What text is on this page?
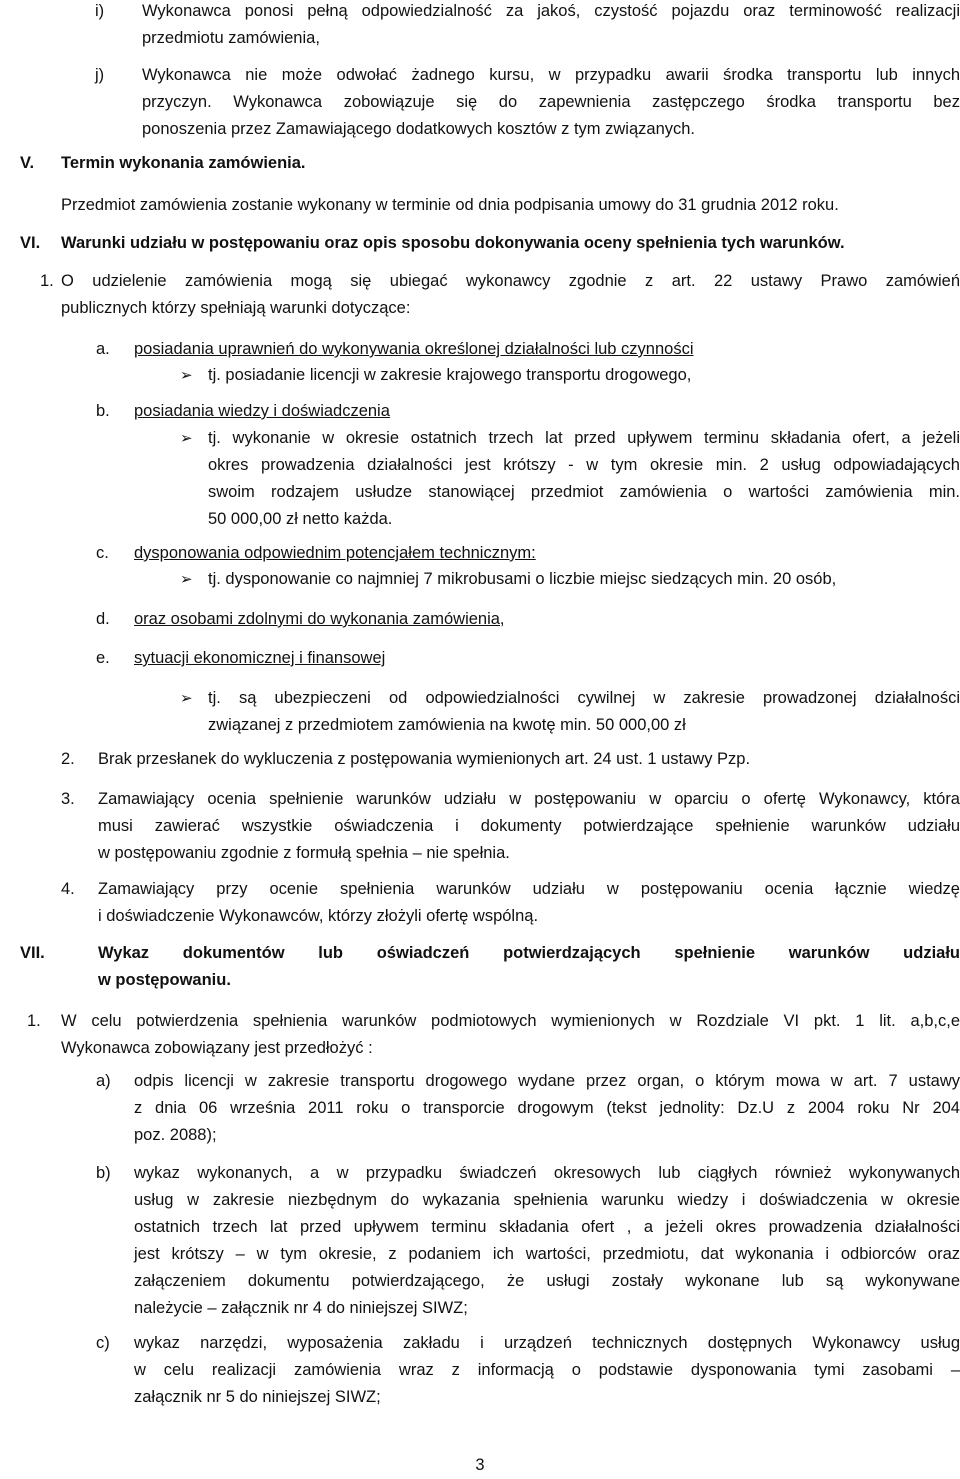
i) Wykonawca ponosi pełną odpowiedzialność za jakoś, czystość pojazdu oraz terminowość realizacji
przedmiotu zamówienia,
j) Wykonawca nie może odwołać żadnego kursu, w przypadku awarii środka transportu lub innych
przyczyn. Wykonawca zobowiązuje się do zapewnienia zastępczego środka transportu bez
ponoszenia przez Zamawiającego dodatkowych kosztów z tym związanych.
V. Termin wykonania zamówienia.
Przedmiot zamówienia zostanie wykonany w terminie od dnia podpisania umowy do 31 grudnia 2012 roku.
VI. Warunki udziału w postępowaniu oraz opis sposobu dokonywania oceny spełnienia tych warunków.
1. O udzielenie zamówienia mogą się ubiegać wykonawcy zgodnie z art. 22 ustawy Prawo zamówień
publicznych którzy spełniają warunki dotyczące:
a. posiadania uprawnień do wykonywania określonej działalności lub czynności
➢ tj. posiadanie licencji w zakresie krajowego transportu drogowego,
b. posiadania wiedzy i doświadczenia
➢ tj. wykonanie w okresie ostatnich trzech lat przed upływem terminu składania ofert, a jeżeli
okres prowadzenia działalności jest krótszy - w tym okresie min. 2 usług odpowiadających
swoim rodzajem usłudze stanowiącej przedmiot zamówienia o wartości zamówienia min.
50 000,00 zł netto każda.
c. dysponowania odpowiednim potencjałem technicznym:
➢ tj. dysponowanie co najmniej 7 mikrobusami o liczbie miejsc siedzących min. 20 osób,
d. oraz osobami zdolnymi do wykonania zamówienia,
e. sytuacji ekonomicznej i finansowej
➢ tj. są ubezpieczeni od odpowiedzialności cywilnej w zakresie prowadzonej działalności
związanej z przedmiotem zamówienia na kwotę min. 50 000,00 zł
2. Brak przesłanek do wykluczenia z postępowania wymienionych art. 24 ust. 1 ustawy Pzp.
3. Zamawiający ocenia spełnienie warunków udziału w postępowaniu w oparciu o ofertę Wykonawcy, która
musi zawierać wszystkie oświadczenia i dokumenty potwierdzające spełnienie warunków udziału
w postępowaniu zgodnie z formułą spełnia – nie spełnia.
4. Zamawiający przy ocenie spełnienia warunków udziału w postępowaniu ocenia łącznie wiedzę
i doświadczenie Wykonawców, którzy złożyli ofertę wspólną.
VII.	Wykaz dokumentów lub oświadczeń potwierdzających spełnienie warunków udziału
w postępowaniu.
1. W celu potwierdzenia spełnienia warunków podmiotowych wymienionych w Rozdziale VI pkt. 1 lit. a,b,c,e
Wykonawca zobowiązany jest przedłożyć :
a) odpis licencji w zakresie transportu drogowego wydane przez organ, o którym mowa w art. 7 ustawy
z dnia 06 września 2011 roku o transporcie drogowym (tekst jednolity: Dz.U z 2004 roku Nr 204
poz. 2088);
b) wykaz wykonanych, a w przypadku świadczeń okresowych lub ciągłych również wykonywanych
usług w zakresie niezbędnym do wykazania spełnienia warunku wiedzy i doświadczenia w okresie
ostatnich trzech lat przed upływem terminu składania ofert , a jeżeli okres prowadzenia działalności
jest krótszy – w tym okresie, z podaniem ich wartości, przedmiotu, dat wykonania i odbiorców oraz
załączeniem dokumentu potwierdzającego, że usługi zostały wykonane lub są wykonywane
należycie – załącznik nr 4 do niniejszej SIWZ;
c) wykaz narzędzi, wyposażenia zakładu i urządzeń technicznych dostępnych Wykonawcy usług
w celu realizacji zamówienia wraz z informacją o podstawie dysponowania tymi zasobami –
załącznik nr 5 do niniejszej SIWZ;
3
